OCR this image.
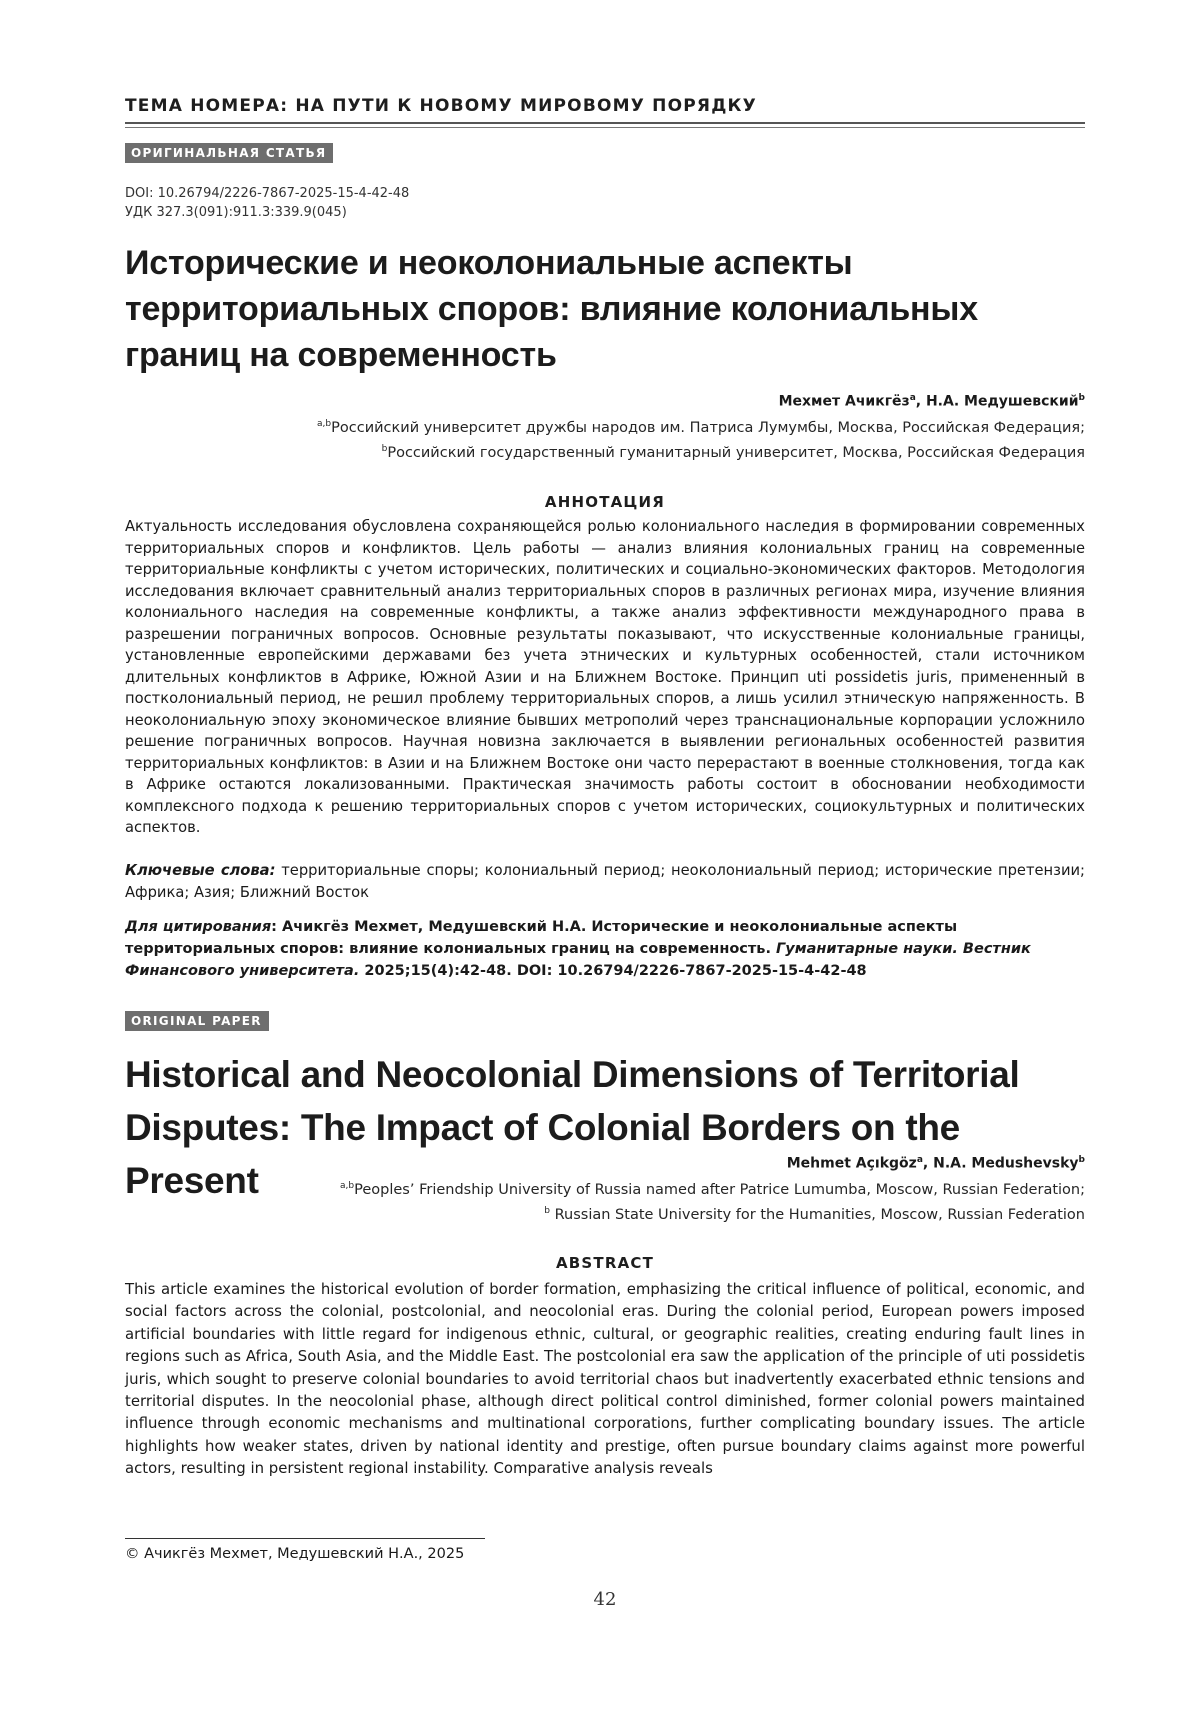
ТЕМА НОМЕРА: НА ПУТИ К НОВОМУ МИРОВОМУ ПОРЯДКУ
ОРИГИНАЛЬНАЯ СТАТЬЯ
DOI: 10.26794/2226-7867-2025-15-4-42-48
УДК 327.3(091):911.3:339.9(045)
Исторические и неоколониальные аспекты территориальных споров: влияние колониальных границ на современность
Мехмет Ачикгёз$^a$, Н.А. Медушевский$^b$
$^{a,b}$Российский университет дружбы народов им. Патриса Лумумбы, Москва, Российская Федерация;
$^b$Российский государственный гуманитарный университет, Москва, Российская Федерация
АННОТАЦИЯ

Актуальность исследования обусловлена сохраняющейся ролью колониального наследия в формировании современных территориальных споров и конфликтов. Цель работы — анализ влияния колониальных границ на современные территориальные конфликты с учетом исторических, политических и социально-экономических факторов. Методология исследования включает сравнительный анализ территориальных споров в различных регионах мира, изучение влияния колониального наследия на современные конфликты, а также анализ эффективности международного права в разрешении пограничных вопросов. Основные результаты показывают, что искусственные колониальные границы, установленные европейскими державами без учета этнических и культурных особенностей, стали источником длительных конфликтов в Африке, Южной Азии и на Ближнем Востоке. Принцип uti possidetis juris, примененный в постколониальный период, не решил проблему территориальных споров, а лишь усилил этническую напряженность. В неоколониальную эпоху экономическое влияние бывших метрополий через транснациональные корпорации усложнило решение пограничных вопросов. Научная новизна заключается в выявлении региональных особенностей развития территориальных конфликтов: в Азии и на Ближнем Востоке они часто перерастают в военные столкновения, тогда как в Африке остаются локализованными. Практическая значимость работы состоит в обосновании необходимости комплексного подхода к решению территориальных споров с учетом исторических, социокультурных и политических аспектов.

Ключевые слова: территориальные споры; колониальный период; неоколониальный период; исторические претензии; Африка; Азия; Ближний Восток

Для цитирования: Ачикгёз Мехмет, Медушевский Н.А. Исторические и неоколониальные аспекты территориальных споров: влияние колониальных границ на современность. Гуманитарные науки. Вестник Финансового университета. 2025;15(4):42-48. DOI: 10.26794/2226-7867-2025-15-4-42-48

ORIGINAL PAPER
Historical and Neocolonial Dimensions of Territorial Disputes: The Impact of Colonial Borders on the Present	Mehmet Açıkgöz$^a$, N.A. Medushevsky$^b$
$^{a,b}$Peoples’ Friendship University of Russia named after Patrice Lumumba, Moscow, Russian Federation;
$^b$ Russian State University for the Humanities, Moscow, Russian Federation
ABSTRACT

This article examines the historical evolution of border formation, emphasizing the critical influence of political, economic, and social factors across the colonial, postcolonial, and neocolonial eras. During the colonial period, European powers imposed artificial boundaries with little regard for indigenous ethnic, cultural, or geographic realities, creating enduring fault lines in regions such as Africa, South Asia, and the Middle East. The postcolonial era saw the application of the principle of uti possidetis juris, which sought to preserve colonial boundaries to avoid territorial chaos but inadvertently exacerbated ethnic tensions and territorial disputes. In the neocolonial phase, although direct political control diminished, former colonial powers maintained influence through economic mechanisms and multinational corporations, further complicating boundary issues. The article highlights how weaker states, driven by national identity and prestige, often pursue boundary claims against more powerful actors, resulting in persistent regional instability. Comparative analysis reveals

© Ачикгёз Мехмет, Медушевский Н.А., 2025
42
